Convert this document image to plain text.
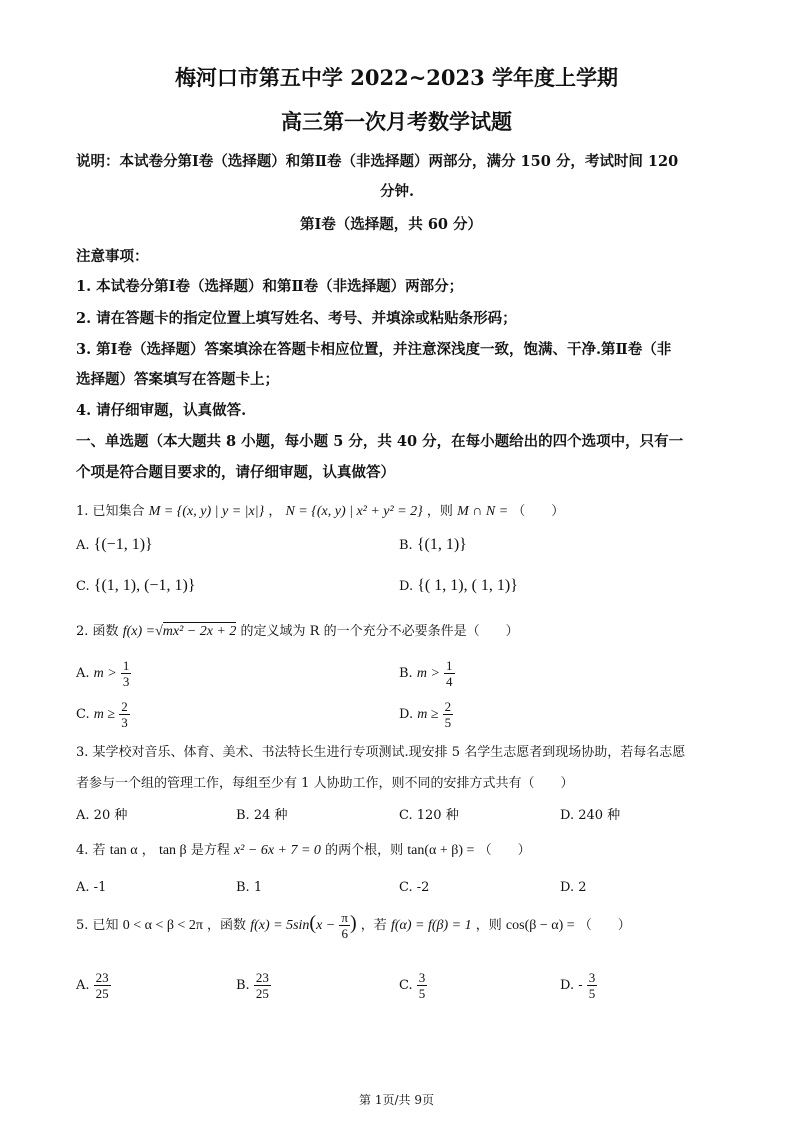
梅河口市第五中学 2022~2023 学年度上学期
高三第一次月考数学试题
说明：本试卷分第Ⅰ卷（选择题）和第Ⅱ卷（非选择题）两部分，满分 150 分，考试时间 120
分钟.
第Ⅰ卷（选择题，共 60 分）
注意事项：
1. 本试卷分第Ⅰ卷（选择题）和第Ⅱ卷（非选择题）两部分；
2. 请在答题卡的指定位置上填写姓名、考号、并填涂或粘贴条形码；
3. 第Ⅰ卷（选择题）答案填涂在答题卡相应位置，并注意深浅度一致，饱满、干净.第Ⅱ卷（非
选择题）答案填写在答题卡上；
4. 请仔细审题，认真做答.
一、单选题（本大题共 8 小题，每小题 5 分，共 40 分，在每小题给出的四个选项中，只有一
个项是符合题目要求的，请仔细审题，认真做答）
1. 已知集合 M = {(x, y) | y = |x|} ， N = {(x, y) | x² + y² = 2} ，则 M ∩ N = （　　）
A. {(−1, 1)}	B. {(1, 1)}
C. {(1, 1), (−1, 1)}	D. {( 1, 1), ( 1, 1)}
2. 函数 f(x) =√mx² − 2x + 2 的定义域为 R 的一个充分不必要条件是（　　）
A. $m > \frac{1}{3}$	B. $m > \frac{1}{4}$
C. $m \ge \frac{2}{3}$	D. $m \ge \frac{2}{5}$
3. 某学校对音乐、体育、美术、书法特长生进行专项测试.现安排 5 名学生志愿者到现场协助，若每名志愿
者参与一个组的管理工作，每组至少有 1 人协助工作，则不同的安排方式共有（　　）
A. 20 种	B. 24 种	C. 120 种	D. 240 种
4. 若 tan α ， tan β 是方程 x² − 6x + 7 = 0 的两个根，则 tan(α + β) = （　　）
A. -1	B. 1	C. -2	D. 2
5. 已知 0 < α < β < 2π ，函数 $f(x) = 5\sin(x - \frac{\pi}{6}$ ) ，若 f(α) = f(β) = 1 ，则 cos(β − α) = （　　）
A. $\frac{23}{25}$	B. $\frac{23}{25}$	C. $\frac{3}{5}$	D. - $\frac{3}{5}$
第 1页/共 9页
